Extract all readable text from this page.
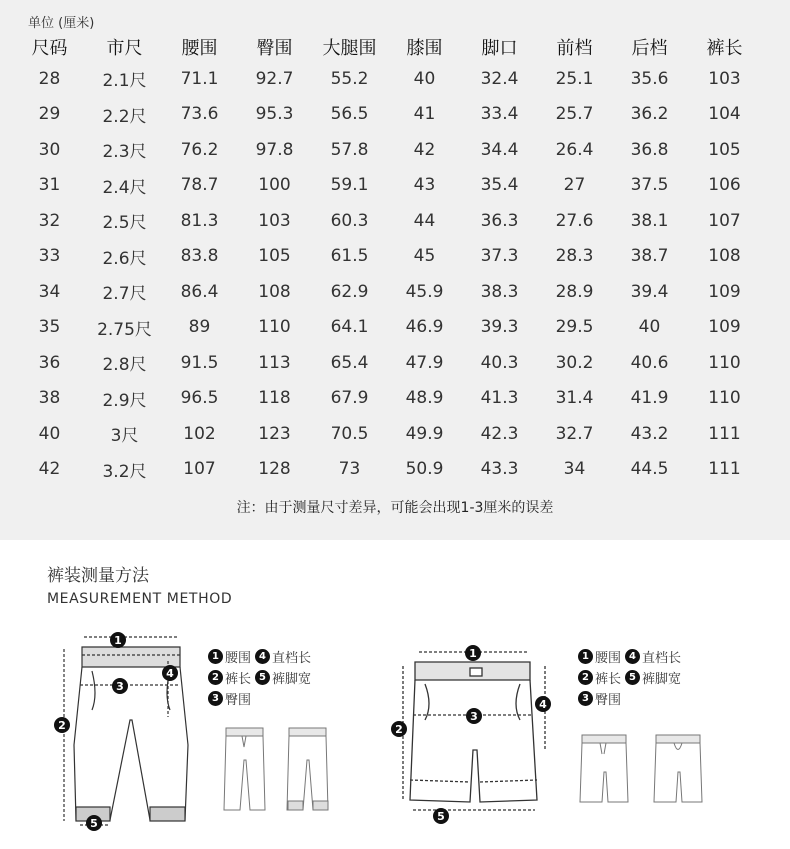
单位 (厘米)
尺码	市尺	腰围	臀围	大腿围	膝围	脚口	前档	后档	裤长
28	2.1尺	71.1	92.7	55.2	40	32.4	25.1	35.6	103
29	2.2尺	73.6	95.3	56.5	41	33.4	25.7	36.2	104
30	2.3尺	76.2	97.8	57.8	42	34.4	26.4	36.8	105
31	2.4尺	78.7	100	59.1	43	35.4	27	37.5	106
32	2.5尺	81.3	103	60.3	44	36.3	27.6	38.1	107
33	2.6尺	83.8	105	61.5	45	37.3	28.3	38.7	108
34	2.7尺	86.4	108	62.9	45.9	38.3	28.9	39.4	109
35	2.75尺	89	110	64.1	46.9	39.3	29.5	40	109
36	2.8尺	91.5	113	65.4	47.9	40.3	30.2	40.6	110
38	2.9尺	96.5	118	67.9	48.9	41.3	31.4	41.9	110
40	3尺	102	123	70.5	49.9	42.3	32.7	43.2	111
42	3.2尺	107	128	73	50.9	43.3	34	44.5	111
注：由于测量尺寸差异，可能会出现1-3厘米的误差
裤装测量方法
MEASUREMENT METHOD
1
2
3
4
5
1 腰围 4 直档长
2 裤长 5 裤脚宽
3 臀围
1
2
3
4
5
1 腰围 4 直档长
2 裤长 5 裤脚宽
3 臀围
